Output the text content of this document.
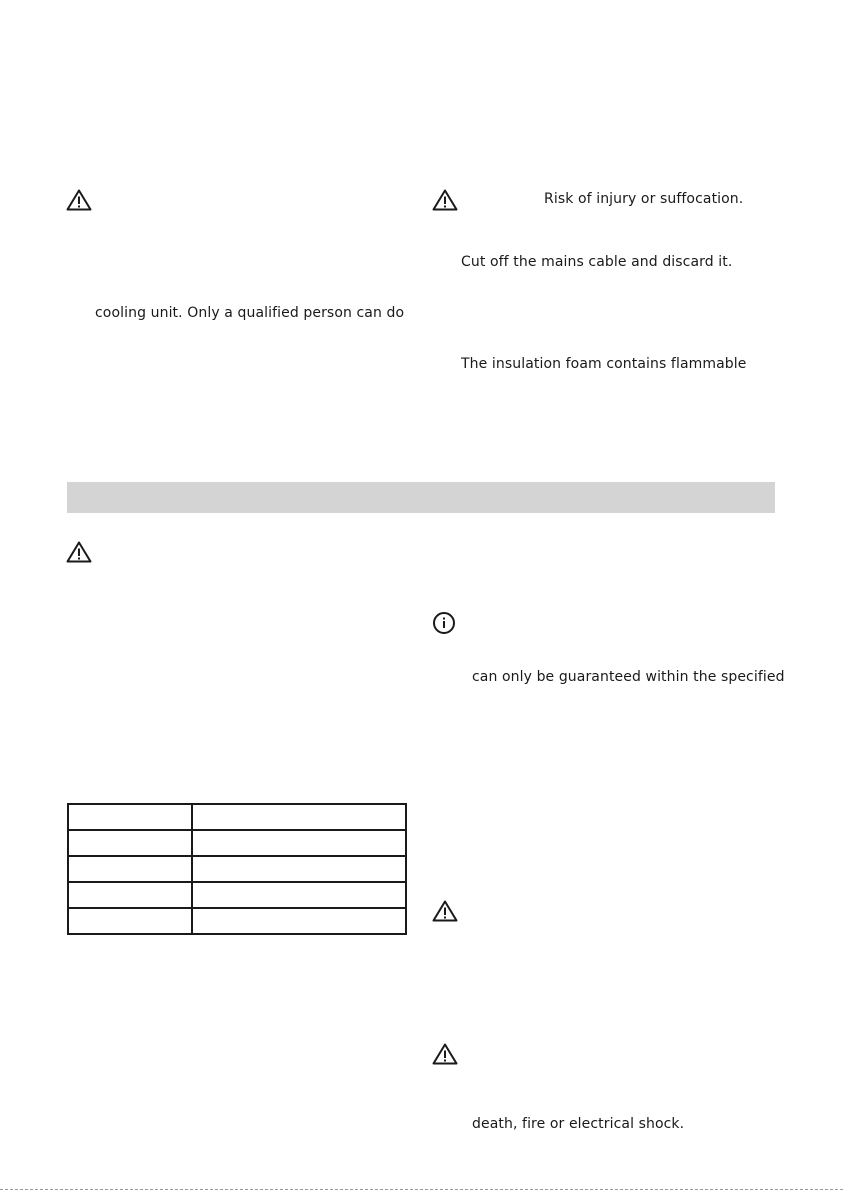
cooling unit. Only a qualified person can do
Risk of injury or suffocation.
Cut off the mains cable and discard it.
The insulation foam contains flammable

can only be guaranteed within the specified
death, fire or electrical shock.
